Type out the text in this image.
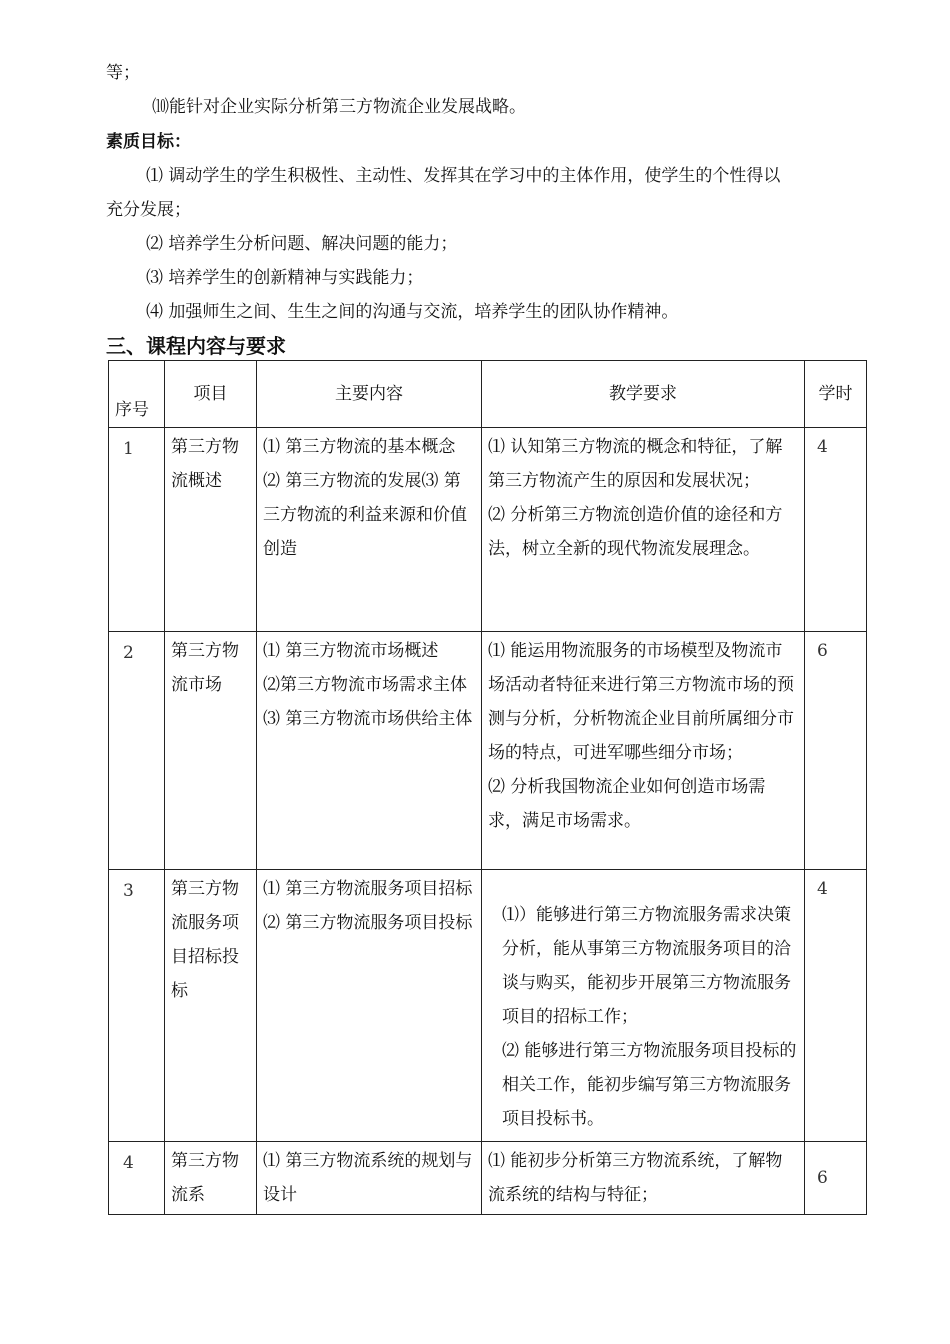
等；
⑽能针对企业实际分析第三方物流企业发展战略。
素质目标：
⑴ 调动学生的学生积极性、主动性、发挥其在学习中的主体作用，使学生的个性得以
充分发展；
⑵ 培养学生分析问题、解决问题的能力；
⑶ 培养学生的创新精神与实践能力；
⑷ 加强师生之间、生生之间的沟通与交流，培养学生的团队协作精神。
三、课程内容与要求
序号	项目	主要内容	教学要求	学时

1	第三方物流概述	⑴ 第三方物流的基本概念
⑵ 第三方物流的发展⑶ 第三方物流的利益来源和价值创造	⑴ 认知第三方物流的概念和特征，了解第三方物流产生的原因和发展状况；
⑵ 分析第三方物流创造价值的途径和方法，树立全新的现代物流发展理念。	4
2	第三方物流市场	⑴ 第三方物流市场概述
⑵第三方物流市场需求主体
⑶ 第三方物流市场供给主体	⑴ 能运用物流服务的市场模型及物流市场活动者特征来进行第三方物流市场的预测与分析，分析物流企业目前所属细分市场的特点，可进军哪些细分市场；
⑵ 分析我国物流企业如何创造市场需求，满足市场需求。	6
3	第三方物流服务项目招标投标	⑴ 第三方物流服务项目招标
⑵ 第三方物流服务项目投标	⑴）能够进行第三方物流服务需求决策分析，能从事第三方物流服务项目的洽谈与购买，能初步开展第三方物流服务项目的招标工作；
⑵ 能够进行第三方物流服务项目投标的相关工作，能初步编写第三方物流服务项目投标书。	4
4	第三方物流系	⑴ 第三方物流系统的规划与设计	⑴ 能初步分析第三方物流系统，了解物流系统的结构与特征；	6
